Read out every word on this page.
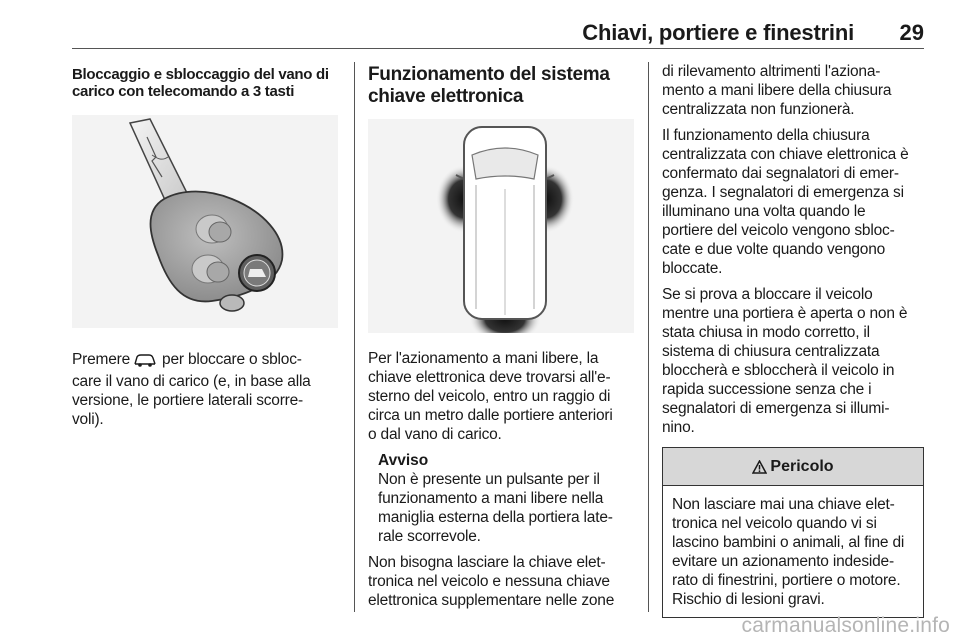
Chiavi, portiere e finestrini 29
Bloccaggio e sbloccaggio del vano di
carico con telecomando a 3 tasti

Premere per bloccare o sbloc-
care il vano di carico (e, in base alla
versione, le portiere laterali scorre-
voli).

Funzionamento del sistema
chiave elettronica

Per l'azionamento a mani libere, la
chiave elettronica deve trovarsi all'e-
sterno del veicolo, entro un raggio di
circa un metro dalle portiere anteriori
o dal vano di carico.

Avviso
Non è presente un pulsante per il
funzionamento a mani libere nella
maniglia esterna della portiera late-
rale scorrevole.

Non bisogna lasciare la chiave elet-
tronica nel veicolo e nessuna chiave
elettronica supplementare nelle zone

di rilevamento altrimenti l'aziona-
mento a mani libere della chiusura
centralizzata non funzionerà.

Il funzionamento della chiusura
centralizzata con chiave elettronica è
confermato dai segnalatori di emer-
genza. I segnalatori di emergenza si
illuminano una volta quando le
portiere del veicolo vengono sbloc-
cate e due volte quando vengono
bloccate.

Se si prova a bloccare il veicolo
mentre una portiera è aperta o non è
stata chiusa in modo corretto, il
sistema di chiusura centralizzata
bloccherà e sbloccherà il veicolo in
rapida successione senza che i
segnalatori di emergenza si illumi-
nino.

Pericolo

Non lasciare mai una chiave elet-
tronica nel veicolo quando vi si
lascino bambini o animali, al fine di
evitare un azionamento indeside-
rato di finestrini, portiere o motore.
Rischio di lesioni gravi.

carmanualsonline.info
